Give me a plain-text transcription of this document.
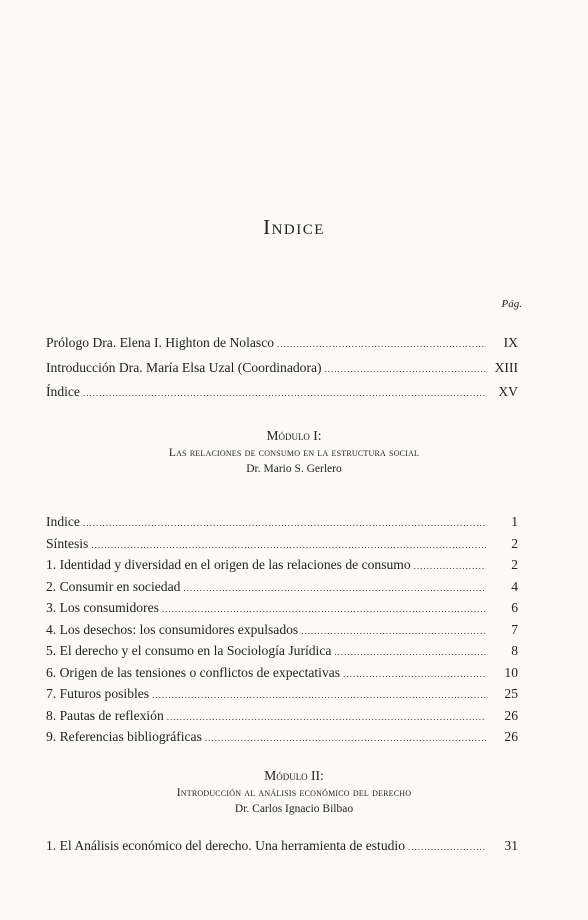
Indice
Pág.
Prólogo Dra. Elena I. Highton de Nolasco .....	IX
Introducción Dra. María Elsa Uzal (Coordinadora) .....	XIII
Índice .....	XV
Módulo I:
Las relaciones de consumo en la estructura social
Dr. Mario S. Gerlero
Indice .....	1
Síntesis .....	2
1. Identidad y diversidad en el origen de las relaciones de consumo .....	2
2. Consumir en sociedad .....	4
3. Los consumidores .....	6
4. Los desechos: los consumidores expulsados .....	7
5. El derecho y el consumo en la Sociología Jurídica .....	8
6. Origen de las tensiones o conflictos de expectativas .....	10
7. Futuros posibles .....	25
8. Pautas de reflexión .....	26
9. Referencias bibliográficas .....	26
Módulo II:
Introducción al análisis económico del derecho
Dr. Carlos Ignacio Bilbao
1. El Análisis económico del derecho. Una herramienta de estudio .....	31
